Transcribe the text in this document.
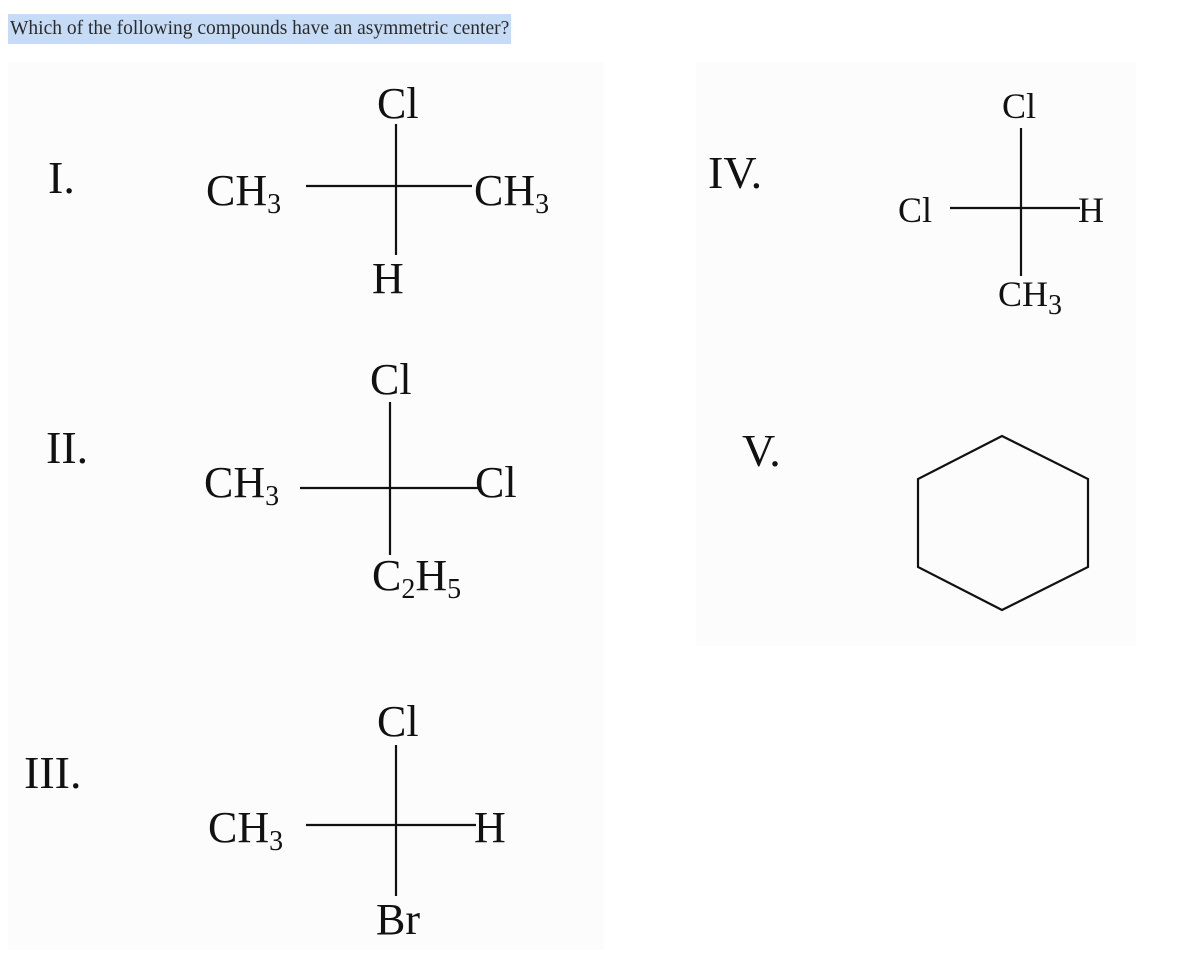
Which of the following compounds have an asymmetric center?
I.
Cl
CH3	CH3
H
II.
Cl
CH3	Cl
C2H5
III.
Cl
CH3	H
Br
IV.
Cl
Cl	H
$CH_3$
V.
